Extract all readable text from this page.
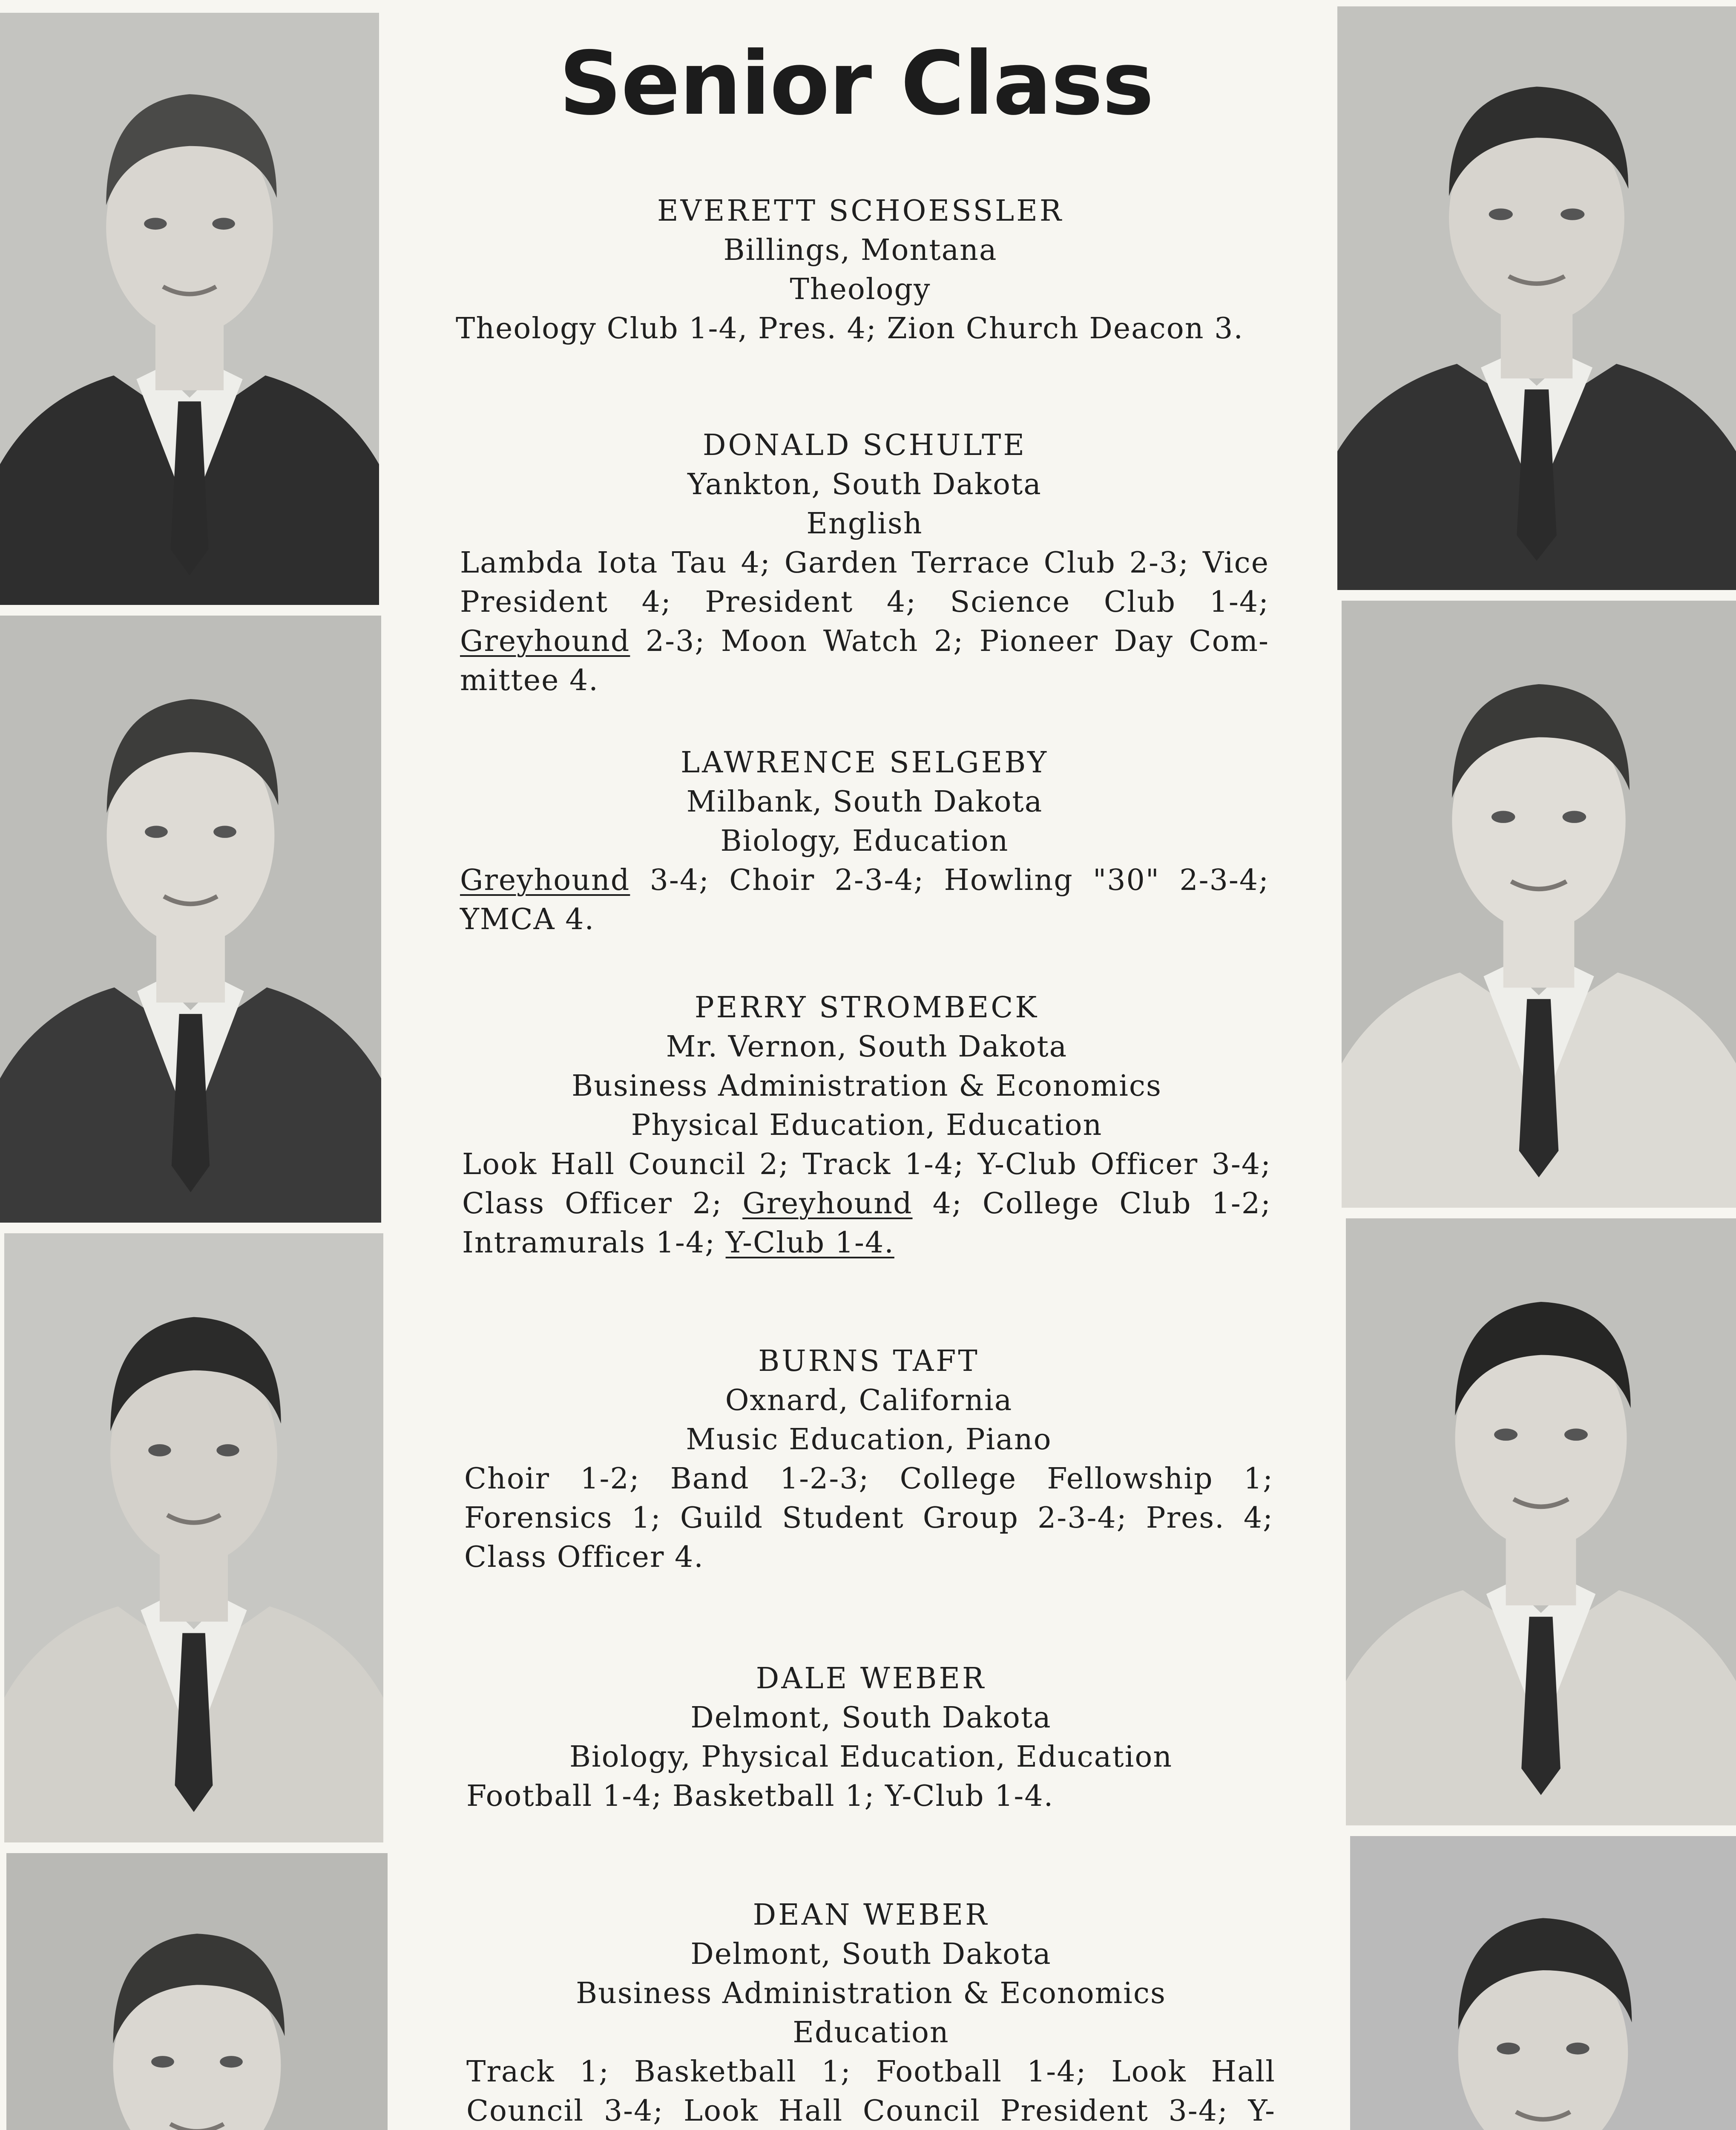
Senior Class

EVERETT SCHOESSLER

Billings, Montana

Theology

Theology Club 1-4, Pres. 4; Zion Church Deacon 3.

DONALD SCHULTE

Yankton, South Dakota

English

Lambda Iota Tau 4; Garden Terrace Club 2-3; Vice President 4; President 4; Science Club 1-4; Greyhound 2-3; Moon Watch 2; Pioneer Day Com-mittee 4.

LAWRENCE SELGEBY

Milbank, South Dakota

Biology, Education

Greyhound 3-4; Choir 2-3-4; Howling "30" 2-3-4; YMCA 4.

PERRY STROMBECK

Mr. Vernon, South Dakota

Business Administration & Economics

Physical Education, Education

Look Hall Council 2; Track 1-4; Y-Club Officer 3-4; Class Officer 2; Greyhound 4; College Club 1-2; Intramurals 1-4; Y-Club 1-4.

BURNS TAFT

Oxnard, California

Music Education, Piano

Choir 1-2; Band 1-2-3; College Fellowship 1; Forensics 1; Guild Student Group 2-3-4; Pres. 4; Class Officer 4.

DALE WEBER

Delmont, South Dakota

Biology, Physical Education, Education

Football 1-4; Basketball 1; Y-Club 1-4.

DEAN WEBER

Delmont, South Dakota

Business Administration & Economics

Education

Track 1; Basketball 1; Football 1-4; Look Hall Council 3-4; Look Hall Council President 3-4; Y-
